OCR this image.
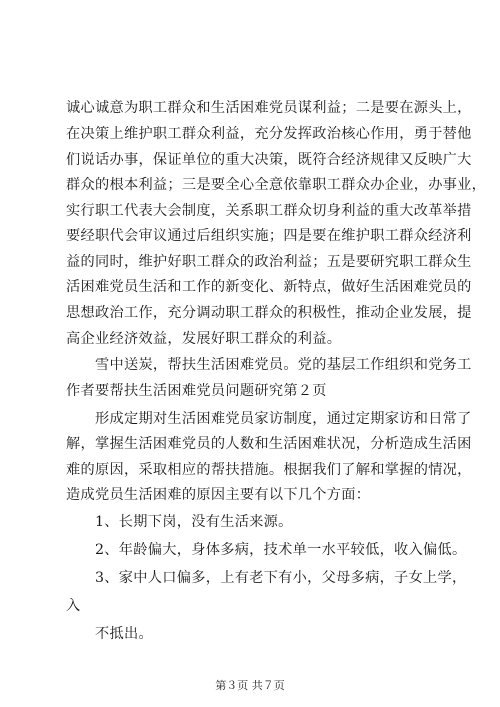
诚心诚意为职工群众和生活困难党员谋利益；二是要在源头上，
在决策上维护职工群众利益，充分发挥政治核心作用，勇于替他
们说话办事，保证单位的重大决策，既符合经济规律又反映广大
群众的根本利益；三是要全心全意依靠职工群众办企业，办事业，
实行职工代表大会制度，关系职工群众切身利益的重大改革举措
要经职代会审议通过后组织实施；四是要在维护职工群众经济利
益的同时，维护好职工群众的政治利益；五是要研究职工群众生
活困难党员生活和工作的新变化、新特点，做好生活困难党员的
思想政治工作，充分调动职工群众的积极性，推动企业发展，提
高企业经济效益，发展好职工群众的利益。
　　雪中送炭，帮扶生活困难党员。党的基层工作组织和党务工
作者要帮扶生活困难党员问题研究第２页
　　形成定期对生活困难党员家访制度，通过定期家访和日常了
解，掌握生活困难党员的人数和生活困难状况，分析造成生活困
难的原因，采取相应的帮扶措施。根据我们了解和掌握的情况，
造成党员生活困难的原因主要有以下几个方面：
　　1、长期下岗，没有生活来源。
　　2、年龄偏大，身体多病，技术单一水平较低，收入偏低。
　　3、家中人口偏多，上有老下有小，父母多病，子女上学，
入
　　不抵出。
第３页 共７页
